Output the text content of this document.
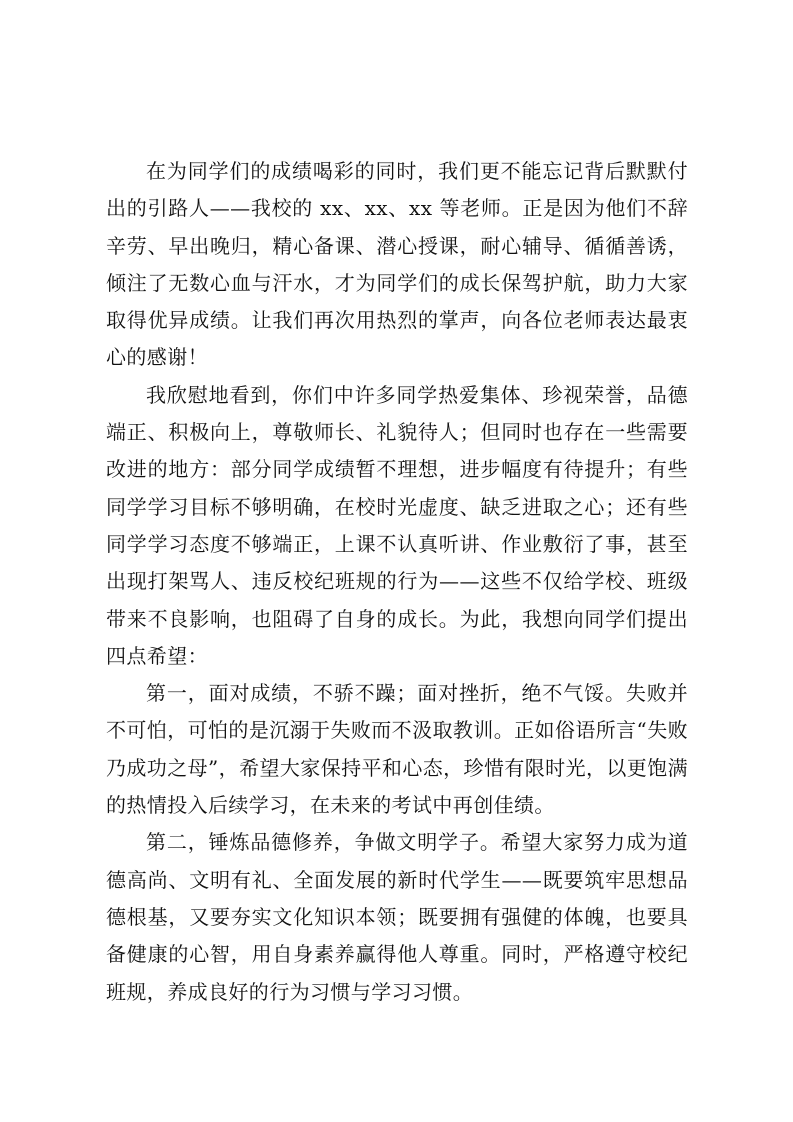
在为同学们的成绩喝彩的同时，我们更不能忘记背后默默付出的引路人——我校的 xx、xx、xx 等老师。正是因为他们不辞辛劳、早出晚归，精心备课、潜心授课，耐心辅导、循循善诱，倾注了无数心血与汗水，才为同学们的成长保驾护航，助力大家取得优异成绩。让我们再次用热烈的掌声，向各位老师表达最衷心的感谢！

我欣慰地看到，你们中许多同学热爱集体、珍视荣誉，品德端正、积极向上，尊敬师长、礼貌待人；但同时也存在一些需要改进的地方：部分同学成绩暂不理想，进步幅度有待提升；有些同学学习目标不够明确，在校时光虚度、缺乏进取之心；还有些同学学习态度不够端正，上课不认真听讲、作业敷衍了事，甚至出现打架骂人、违反校纪班规的行为——这些不仅给学校、班级带来不良影响，也阻碍了自身的成长。为此，我想向同学们提出四点希望：

第一，面对成绩，不骄不躁；面对挫折，绝不气馁。失败并不可怕，可怕的是沉溺于失败而不汲取教训。正如俗语所言“失败乃成功之母”，希望大家保持平和心态，珍惜有限时光，以更饱满的热情投入后续学习，在未来的考试中再创佳绩。

第二，锤炼品德修养，争做文明学子。希望大家努力成为道德高尚、文明有礼、全面发展的新时代学生——既要筑牢思想品德根基，又要夯实文化知识本领；既要拥有强健的体魄，也要具备健康的心智，用自身素养赢得他人尊重。同时，严格遵守校纪班规，养成良好的行为习惯与学习习惯。
